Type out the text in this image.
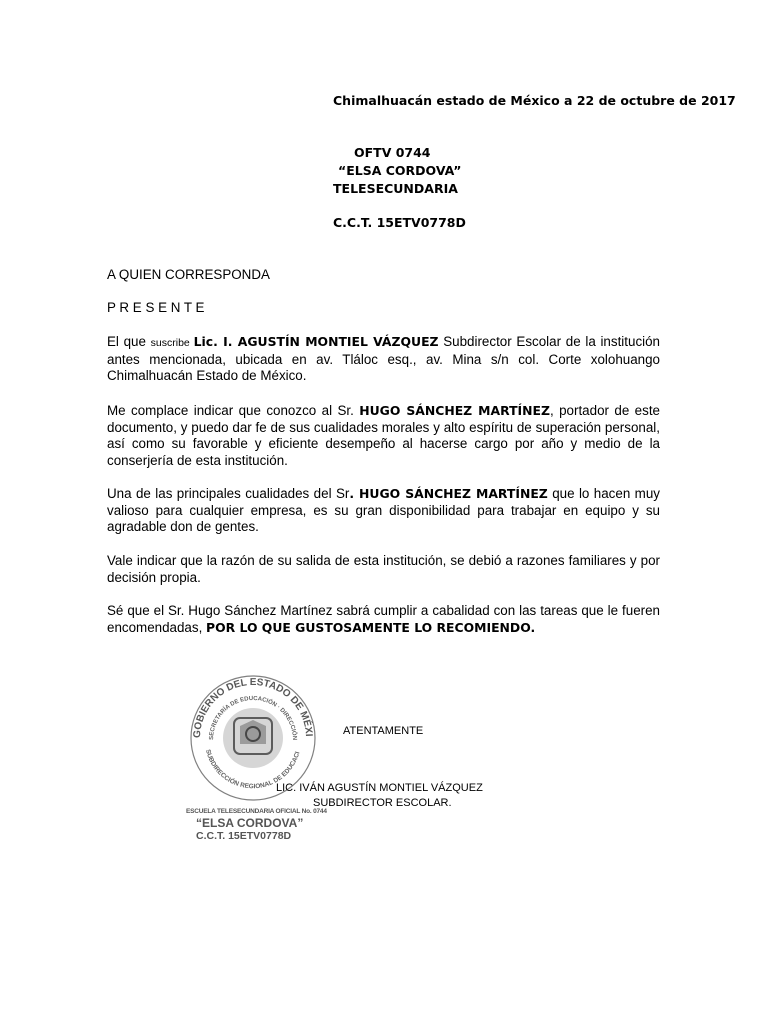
Chimalhuacán estado de México a 22 de octubre de 2017
OFTV 0744
“ELSA CORDOVA”
TELESECUNDARIA
C.C.T. 15ETV0778D
A QUIEN CORRESPONDA
P R E S E N T E
El que suscribe Lic. I. AGUSTÍN MONTIEL VÁZQUEZ Subdirector Escolar de la institución antes mencionada, ubicada en av. Tláloc esq., av. Mina s/n col. Corte xolohuango Chimalhuacán Estado de México.
Me complace indicar que conozco al Sr. HUGO SÁNCHEZ MARTÍNEZ, portador de este documento, y puedo dar fe de sus cualidades morales y alto espíritu de superación personal, así como su favorable y eficiente desempeño al hacerse cargo por año y medio de la conserjería de esta institución.
Una de las principales cualidades del Sr. HUGO SÁNCHEZ MARTÍNEZ que lo hacen muy valioso para cualquier empresa, es su gran disponibilidad para trabajar en equipo y su agradable don de gentes.
Vale indicar que la razón de su salida de esta institución, se debió a razones familiares y por decisión propia.
Sé que el Sr. Hugo Sánchez Martínez sabrá cumplir a cabalidad con las tareas que le fueren encomendadas, POR LO QUE GUSTOSAMENTE LO RECOMIENDO.
GOBIERNO DEL ESTADO DE MÉXI
SECRETARÍA DE EDUCACIÓN · DIRECCIÓN
SUBDIRECCIÓN REGIONAL DE EDUCACI
ESCUELA TELESECUNDARIA OFICIAL No. 0744
“ELSA CORDOVA”
C.C.T. 15ETV0778D
ATENTAMENTE
LIC. IVÁN AGUSTÍN MONTIEL VÁZQUEZ
SUBDIRECTOR ESCOLAR.
